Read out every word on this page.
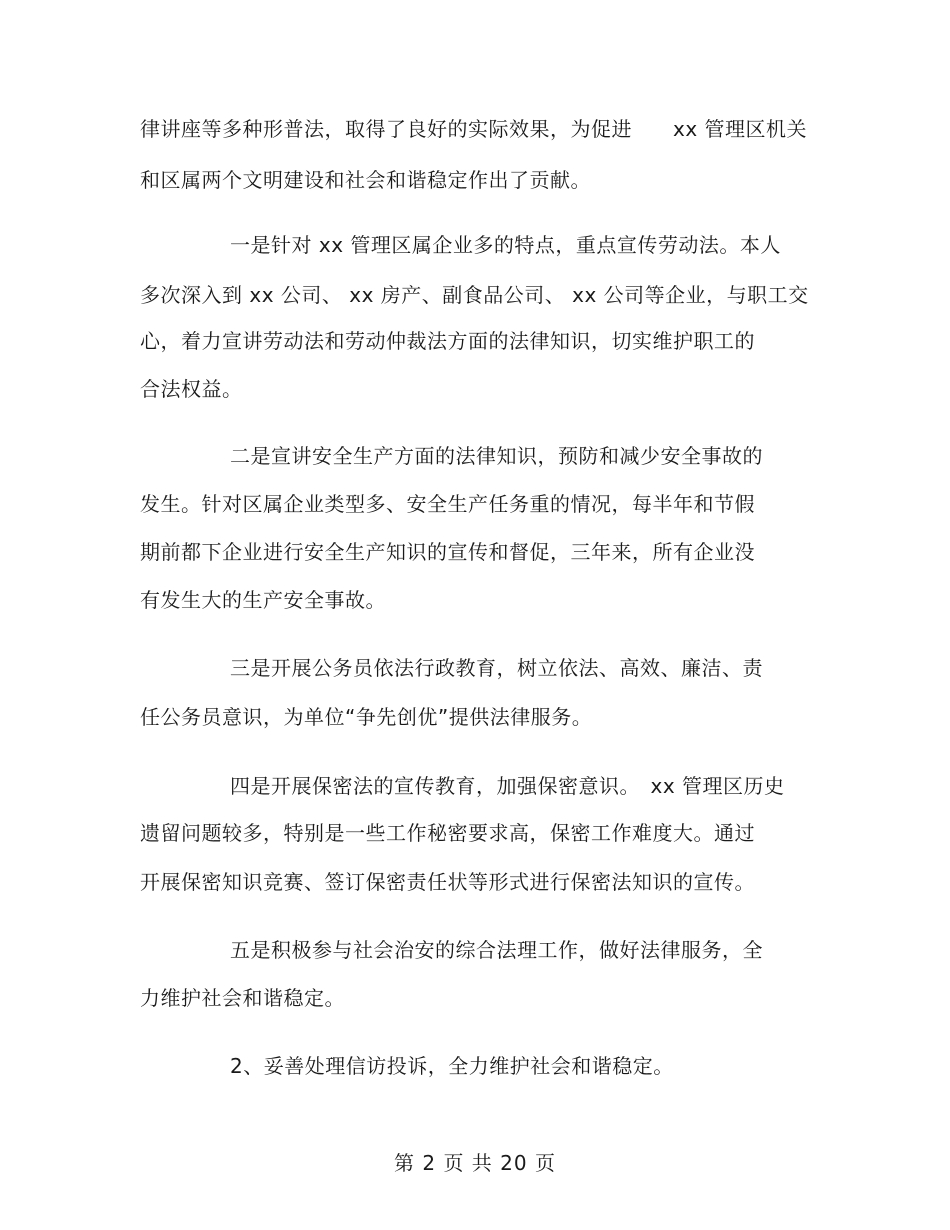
律讲座等多种形普法，取得了良好的实际效果，为促进　　xx 管理区机关
和区属两个文明建设和社会和谐稳定作出了贡献。
一是针对 xx 管理区属企业多的特点，重点宣传劳动法。本人
多次深入到 xx 公司、 xx 房产、副食品公司、 xx 公司等企业，与职工交
心，着力宣讲劳动法和劳动仲裁法方面的法律知识，切实维护职工的
合法权益。
二是宣讲安全生产方面的法律知识，预防和减少安全事故的
发生。针对区属企业类型多、安全生产任务重的情况，每半年和节假
期前都下企业进行安全生产知识的宣传和督促，三年来，所有企业没
有发生大的生产安全事故。
三是开展公务员依法行政教育，树立依法、高效、廉洁、责
任公务员意识，为单位“争先创优”提供法律服务。
四是开展保密法的宣传教育，加强保密意识。　xx 管理区历史
遗留问题较多，特别是一些工作秘密要求高，保密工作难度大。通过
开展保密知识竞赛、签订保密责任状等形式进行保密法知识的宣传。
五是积极参与社会治安的综合法理工作，做好法律服务，全
力维护社会和谐稳定。
2、妥善处理信访投诉，全力维护社会和谐稳定。
第 2 页 共 20 页
